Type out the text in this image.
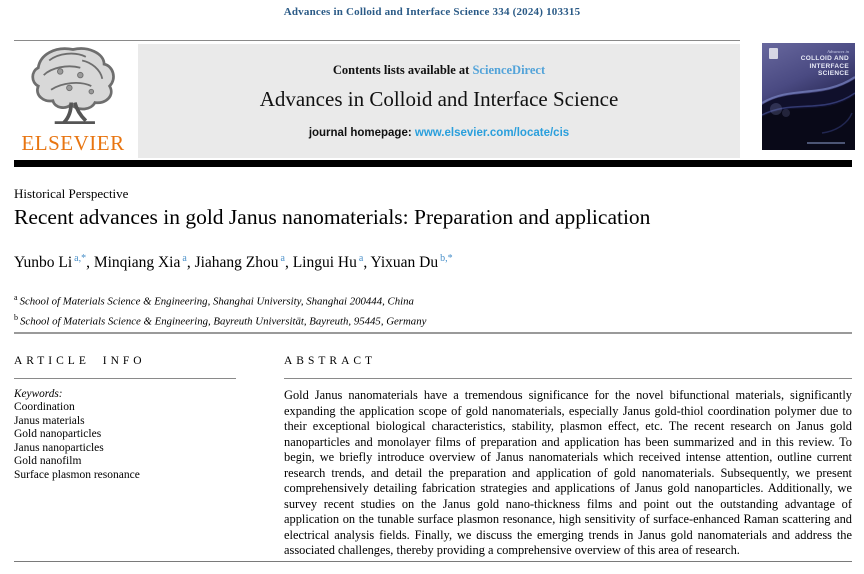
Advances in Colloid and Interface Science 334 (2024) 103315
ELSEVIER
Contents lists available at ScienceDirect
Advances in Colloid and Interface Science
journal homepage: www.elsevier.com/locate/cis
Advances in
COLLOID AND INTERFACE SCIENCE
Historical Perspective
Recent advances in gold Janus nanomaterials: Preparation and application
Yunbo Li $^{a,*}$, Minqiang Xia $^a$, Jiahang Zhou $^a$, Lingui Hu $^a$, Yixuan Du $^{b,*}$
$^a$ School of Materials Science & Engineering, Shanghai University, Shanghai 200444, China
$^b$ School of Materials Science & Engineering, Bayreuth Universität, Bayreuth, 95445, Germany
ARTICLE INFO
Keywords:
Coordination
Janus materials
Gold nanoparticles
Janus nanoparticles
Gold nanofilm
Surface plasmon resonance
ABSTRACT
Gold Janus nanomaterials have a tremendous significance for the novel bifunctional materials, significantly expanding the application scope of gold nanomaterials, especially Janus gold-thiol coordination polymer due to their exceptional biological characteristics, stability, plasmon effect, etc. The recent research on Janus gold nanoparticles and monolayer films of preparation and application has been summarized and in this review. To begin, we briefly introduce overview of Janus nanomaterials which received intense attention, outline current research trends, and detail the preparation and application of gold nanomaterials. Subsequently, we present comprehensively detailing fabrication strategies and applications of Janus gold nanoparticles. Additionally, we survey recent studies on the Janus gold nano-thickness films and point out the outstanding advantage of application on the tunable surface plasmon resonance, high sensitivity of surface-enhanced Raman scattering and electrical analysis fields. Finally, we discuss the emerging trends in Janus gold nanomaterials and address the associated challenges, thereby providing a comprehensive overview of this area of research.
